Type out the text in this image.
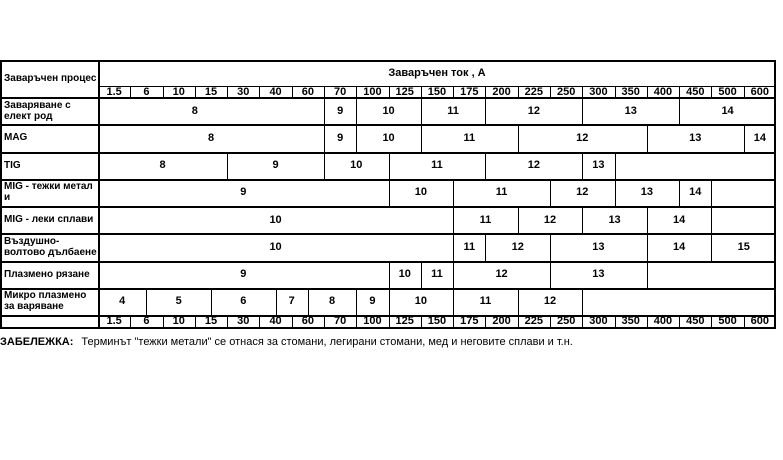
Заваръчен процес	Заваръчен ток , А
1.5	6	10	15	30	40	60	70	100	125	150	175	200	225	250	300	350	400	450	500	600
1.5	6	10	15	30	40	60	70	100	125	150	175	200	225	250	300	350	400	450	500	600
Заваряване с елект род	8	9	10	11	12	13	14
MAG	8	9	10	11	12	13	14
TIG	8	9	10	11	12	13
MIG - тежки метал и	9	10	11	12	13	14
MIG - леки сплави	10	11	12	13	14
Въздушно-волтово дълбаене	10	11	12	13	14	15
Плазмено рязане	9	10	11	12	13
Микро плазмено за варяване	4	5	6	7	8	9	10	11	12
ЗАБЕЛЕЖКА: Терминът "тежки метали" се отнася за стомани, легирани стомани, мед и неговите сплави и т.н.
